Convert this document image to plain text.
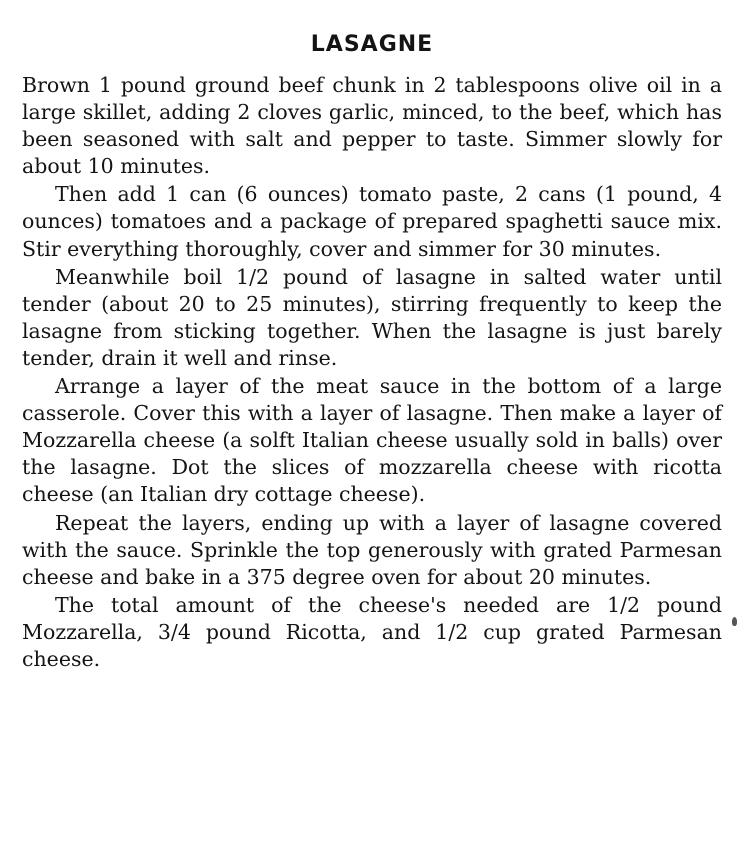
LASAGNE

Brown 1 pound ground beef chunk in 2 tablespoons olive oil in a large skillet, adding 2 cloves garlic, minced, to the beef, which has been seasoned with salt and pepper to taste. Simmer slowly for about 10 minutes.

Then add 1 can (6 ounces) tomato paste, 2 cans (1 pound, 4 ounces) tomatoes and a package of prepared spaghetti sauce mix. Stir everything thoroughly, cover and simmer for 30 minutes.

Meanwhile boil 1/2 pound of lasagne in salted water until tender (about 20 to 25 minutes), stirring frequently to keep the lasagne from sticking together. When the lasagne is just barely tender, drain it well and rinse.

Arrange a layer of the meat sauce in the bottom of a large casserole. Cover this with a layer of lasagne. Then make a layer of Mozzarella cheese (a solft Italian cheese usually sold in balls) over the lasagne. Dot the slices of mozzarella cheese with ricotta cheese (an Italian dry cottage cheese).

Repeat the layers, ending up with a layer of lasagne covered with the sauce. Sprinkle the top generously with grated Parmesan cheese and bake in a 375 degree oven for about 20 minutes.

The total amount of the cheese's needed are 1/2 pound Mozzarella, 3/4 pound Ricotta, and 1/2 cup grated Parmesan cheese.
